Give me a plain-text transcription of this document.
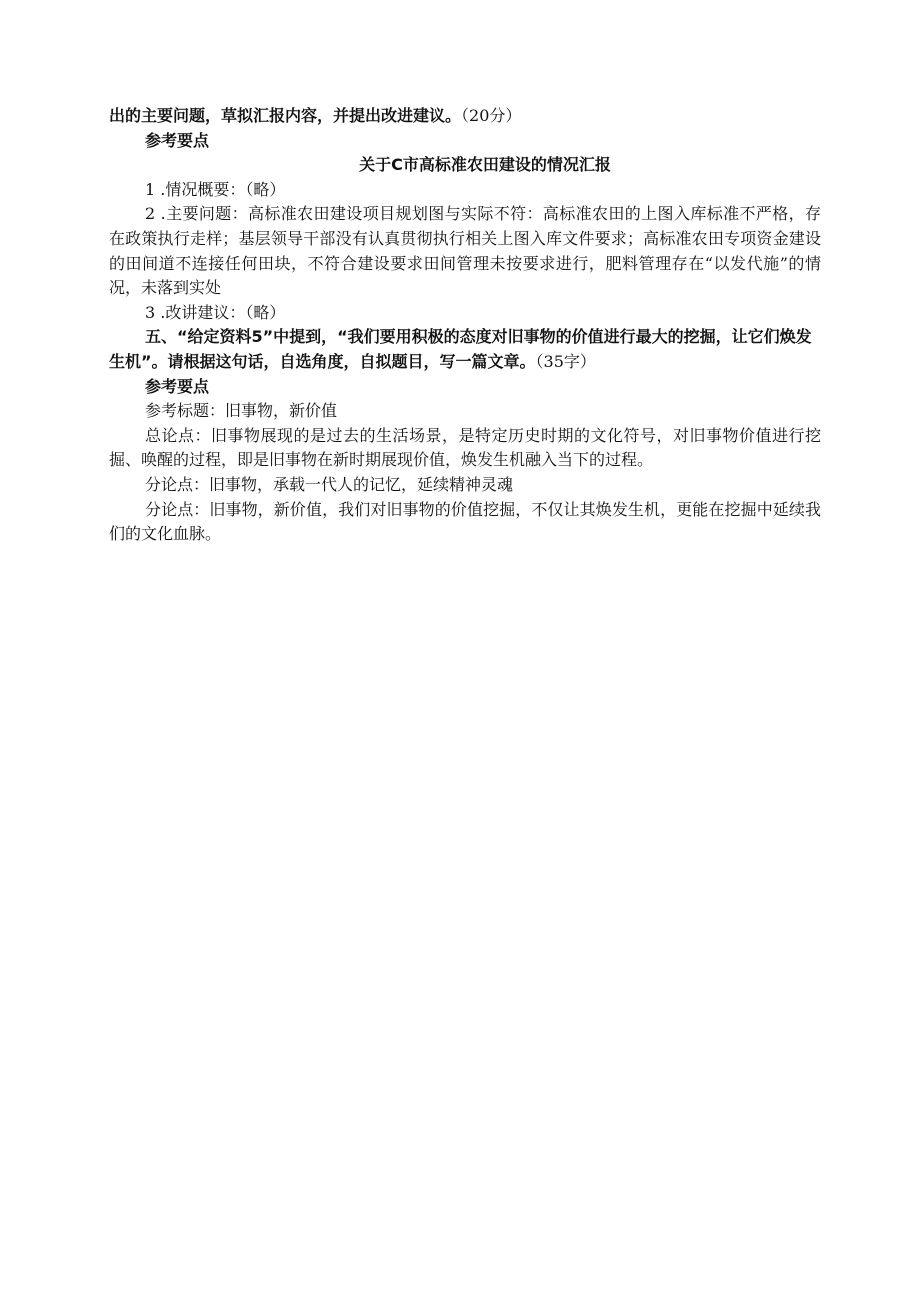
出的主要问题，草拟汇报内容，并提出改进建议。（20分）

参考要点

关于C市高标准农田建设的情况汇报

1 .情况概要：（略）

2 .主要问题：高标准农田建设项目规划图与实际不符：高标准农田的上图入库标准不严格，存在政策执行走样；基层领导干部没有认真贯彻执行相关上图入库文件要求；高标准农田专项资金建设的田间道不连接任何田块，不符合建设要求田间管理未按要求进行，肥料管理存在“以发代施”的情况，未落到实处

3 .改讲建议：（略）

五、“给定资料5”中提到，“我们要用积极的态度对旧事物的价值进行最大的挖掘，让它们焕发生机”。请根据这句话，自选角度，自拟题目，写一篇文章。（35字）

参考要点

参考标题：旧事物，新价值

总论点：旧事物展现的是过去的生活场景，是特定历史时期的文化符号，对旧事物价值进行挖掘、唤醒的过程，即是旧事物在新时期展现价值，焕发生机融入当下的过程。

分论点：旧事物，承载一代人的记忆，延续精神灵魂

分论点：旧事物，新价值，我们对旧事物的价值挖掘，不仅让其焕发生机，更能在挖掘中延续我们的文化血脉。
